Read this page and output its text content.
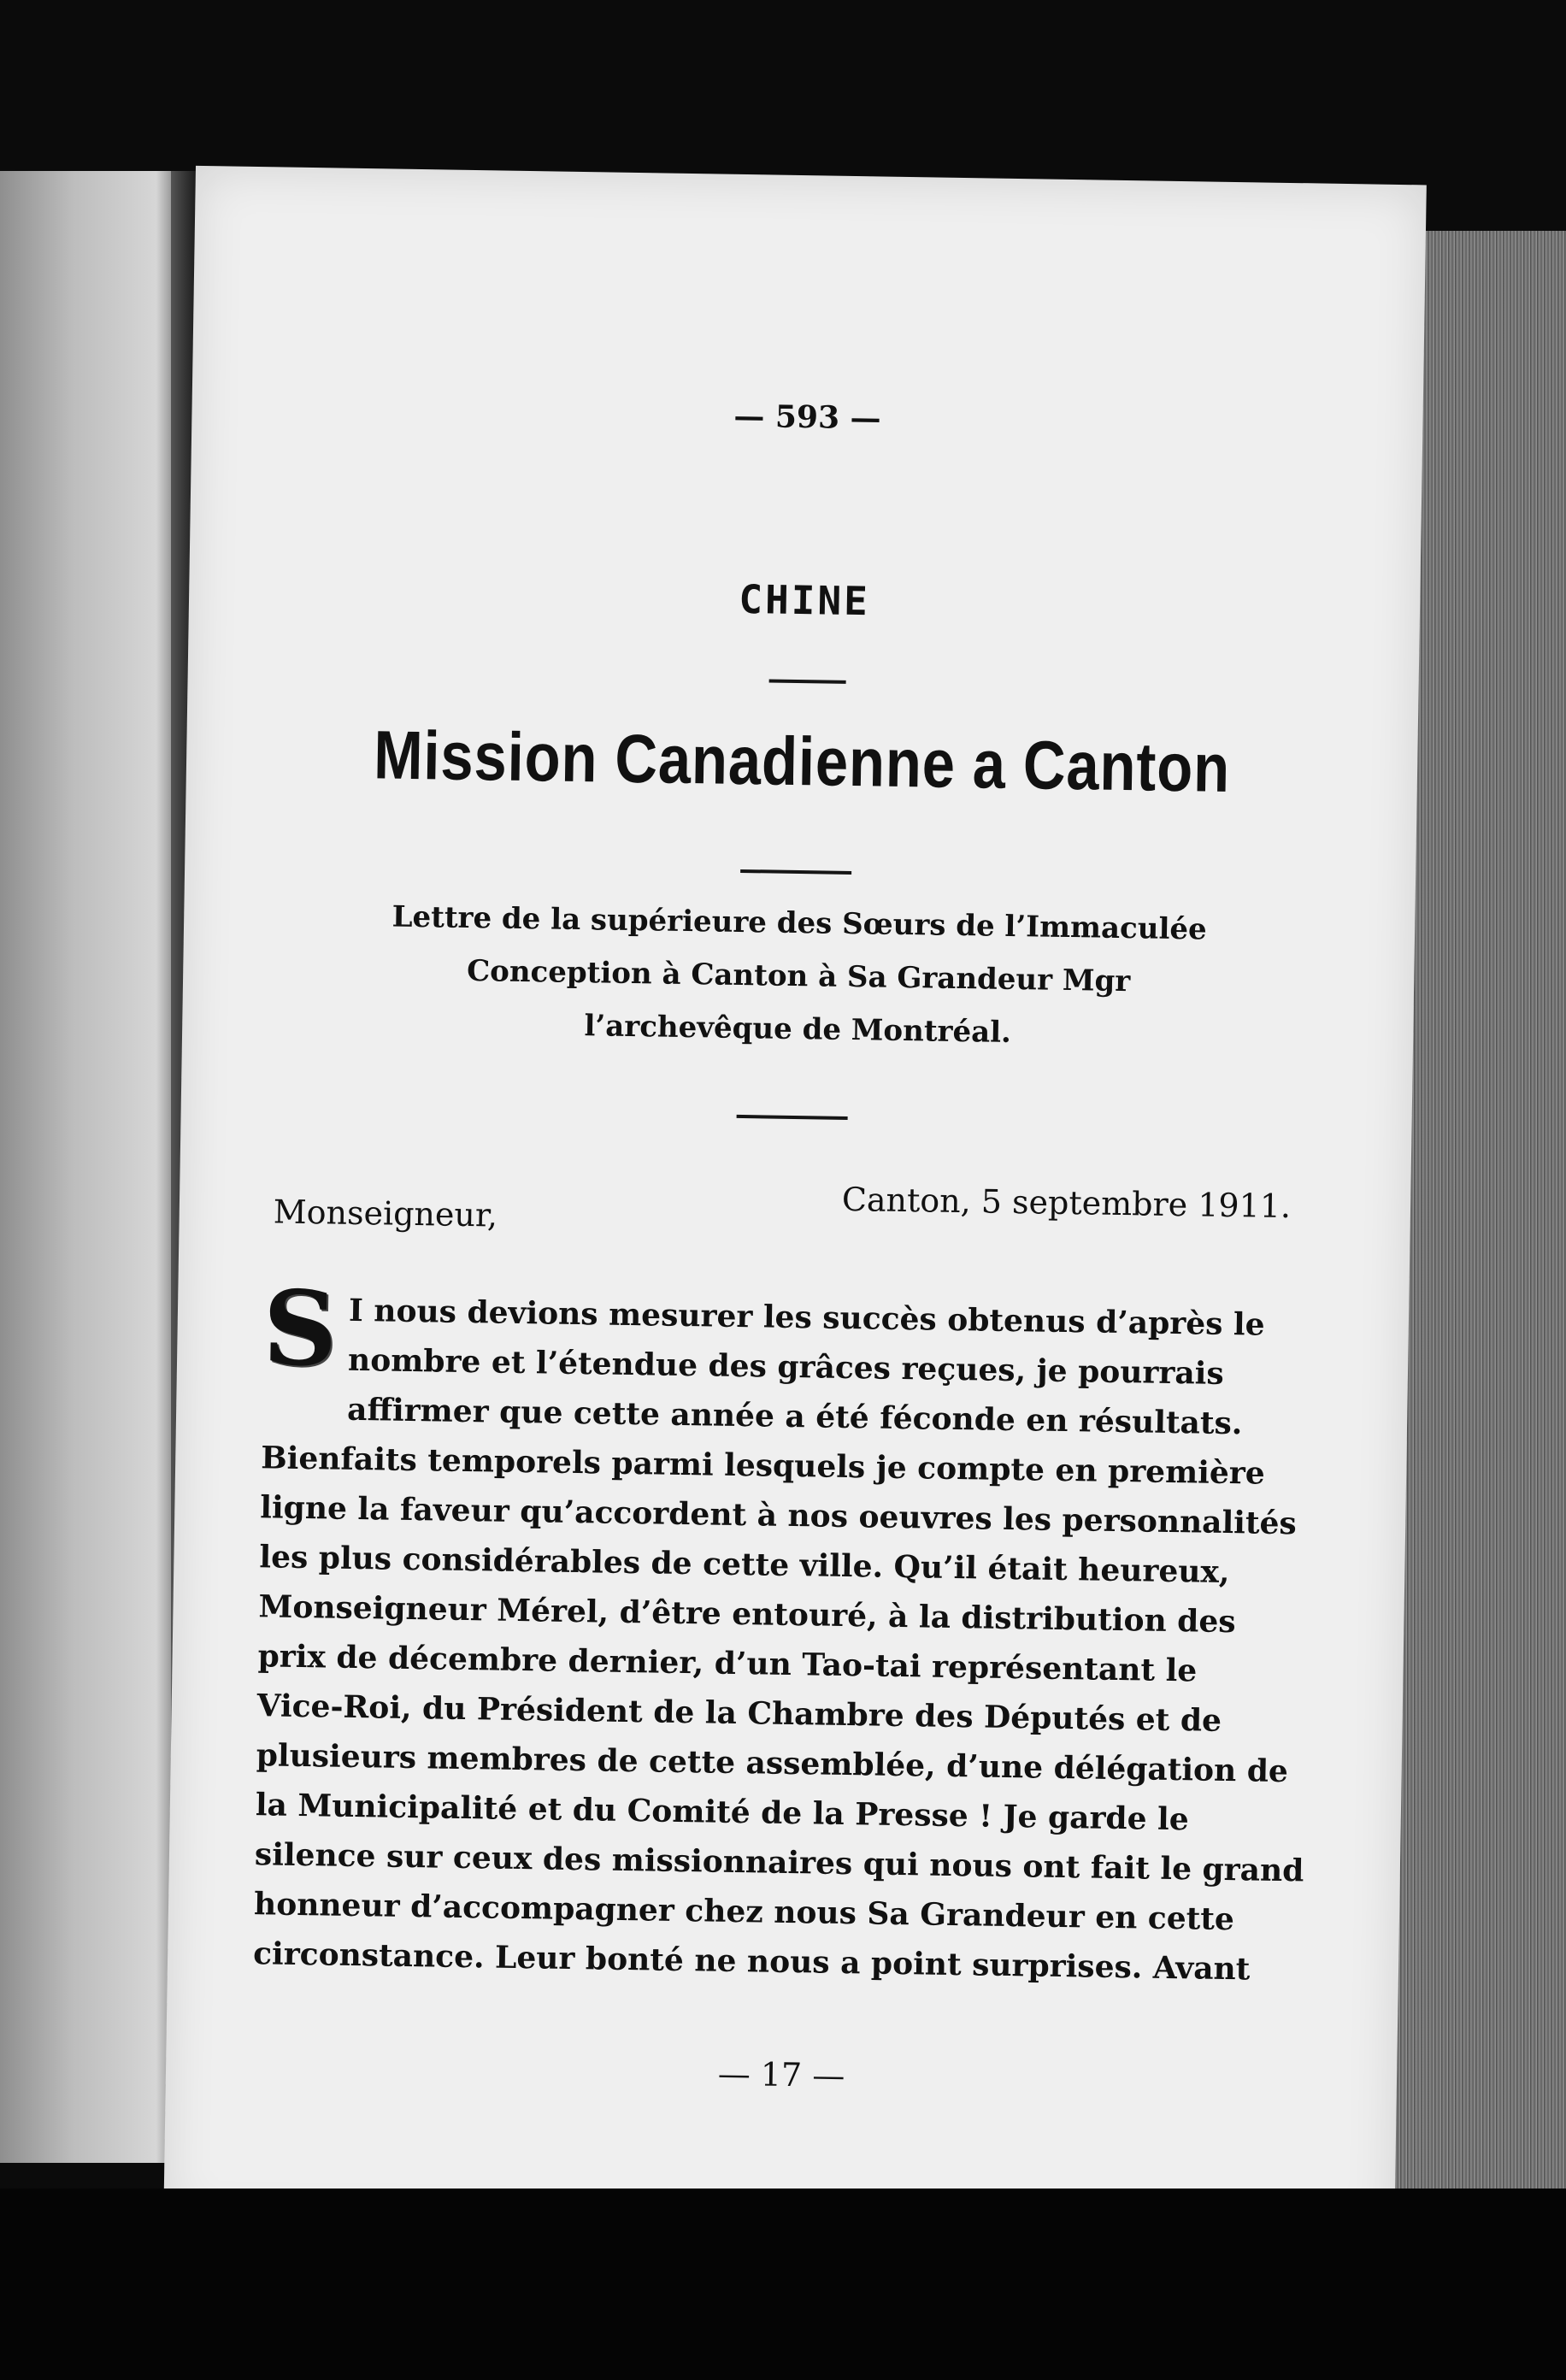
— 593 —
CHINE
Mission Canadienne a Canton
Lettre de la supérieure des Sœurs de l’Immaculée
Conception à Canton à Sa Grandeur Mgr
l’archevêque de Montréal.
Canton, 5 septembre 1911.
Monseigneur,
S I nous devions mesurer les succès obtenus d’après le
nombre et l’étendue des grâces reçues, je pourrais
affirmer que cette année a été féconde en résultats.
Bienfaits temporels parmi lesquels je compte en première
ligne la faveur qu’accordent à nos oeuvres les personnalités
les plus considérables de cette ville. Qu’il était heureux,
Monseigneur Mérel, d’être entouré, à la distribution des
prix de décembre dernier, d’un Tao-tai représentant le
Vice-Roi, du Président de la Chambre des Députés et de
plusieurs membres de cette assemblée, d’une délégation de
la Municipalité et du Comité de la Presse ! Je garde le
silence sur ceux des missionnaires qui nous ont fait le grand
honneur d’accompagner chez nous Sa Grandeur en cette
circonstance. Leur bonté ne nous a point surprises. Avant
— 17 —
